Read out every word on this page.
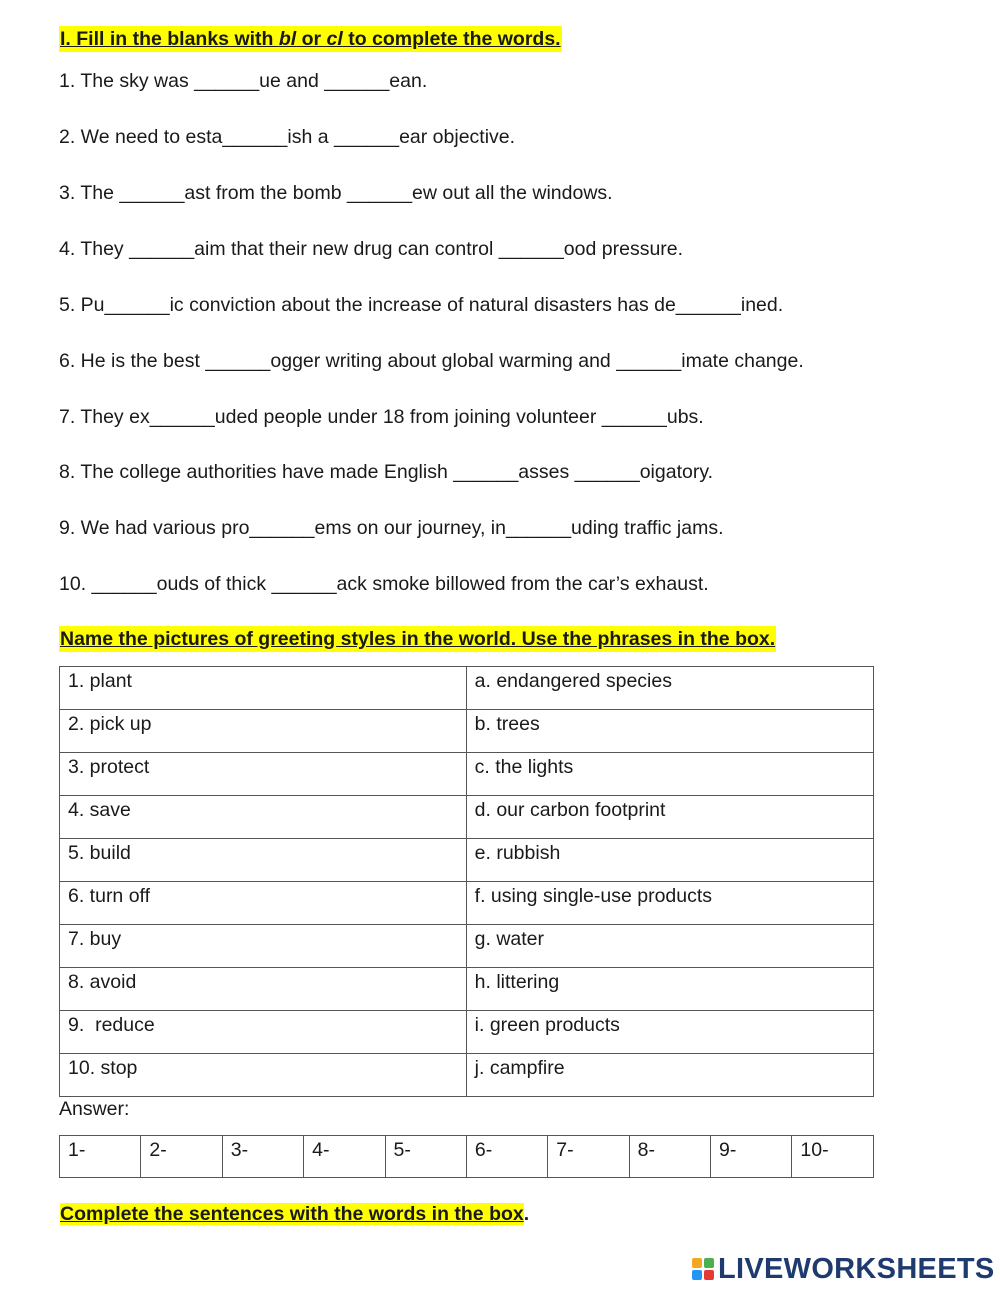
I. Fill in the blanks with bl or cl to complete the words.
1. The sky was ______ue and ______ean.
2. We need to esta______ish a ______ear objective.
3. The ______ast from the bomb ______ew out all the windows.
4. They ______aim that their new drug can control ______ood pressure.
5. Pu______ic conviction about the increase of natural disasters has de______ined.
6. He is the best ______ogger writing about global warming and ______imate change.
7. They ex______uded people under 18 from joining volunteer ______ubs.
8. The college authorities have made English ______asses ______oigatory.
9. We had various pro______ems on our journey, in______uding traffic jams.
10. ______ouds of thick ______ack smoke billowed from the car’s exhaust.
Name the pictures of greeting styles in the world. Use the phrases in the box.
1. plant	a. endangered species
2. pick up	b. trees
3. protect	c. the lights
4. save	d. our carbon footprint
5. build	e. rubbish
6. turn off	f. using single-use products
7. buy	g. water
8. avoid	h. littering
9.  reduce	i. green products
10. stop	j. campfire
Answer:
1-	2-	3-	4-	5-	6-	7-	8-	9-	10-
Complete the sentences with the words in the box.
LIVEWORKSHEETS
